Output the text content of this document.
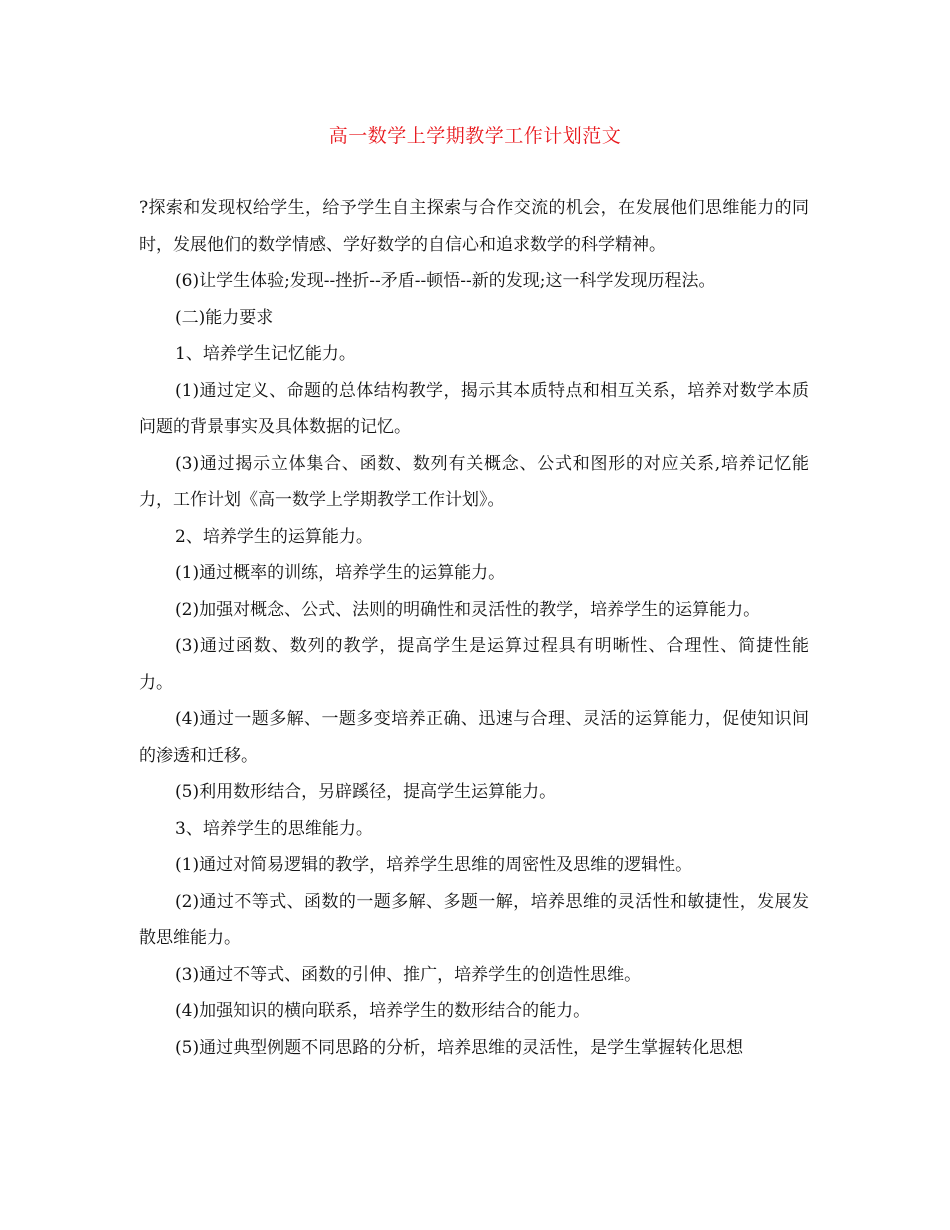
高一数学上学期教学工作计划范文

?探索和发现权给学生，给予学生自主探索与合作交流的机会，在发展他们思维能力的同时，发展他们的数学情感、学好数学的自信心和追求数学的科学精神。

(6)让学生体验;发现--挫折--矛盾--顿悟--新的发现;这一科学发现历程法。

(二)能力要求

1、培养学生记忆能力。

(1)通过定义、命题的总体结构教学，揭示其本质特点和相互关系，培养对数学本质问题的背景事实及具体数据的记忆。

(3)通过揭示立体集合、函数、数列有关概念、公式和图形的对应关系,培养记忆能力，工作计划《高一数学上学期教学工作计划》。

2、培养学生的运算能力。

(1)通过概率的训练，培养学生的运算能力。

(2)加强对概念、公式、法则的明确性和灵活性的教学，培养学生的运算能力。

(3)通过函数、数列的教学，提高学生是运算过程具有明晰性、合理性、简捷性能力。

(4)通过一题多解、一题多变培养正确、迅速与合理、灵活的运算能力，促使知识间的渗透和迁移。

(5)利用数形结合，另辟蹊径，提高学生运算能力。

3、培养学生的思维能力。

(1)通过对简易逻辑的教学，培养学生思维的周密性及思维的逻辑性。

(2)通过不等式、函数的一题多解、多题一解，培养思维的灵活性和敏捷性，发展发散思维能力。

(3)通过不等式、函数的引伸、推广，培养学生的创造性思维。

(4)加强知识的横向联系，培养学生的数形结合的能力。

(5)通过典型例题不同思路的分析，培养思维的灵活性，是学生掌握转化思想
